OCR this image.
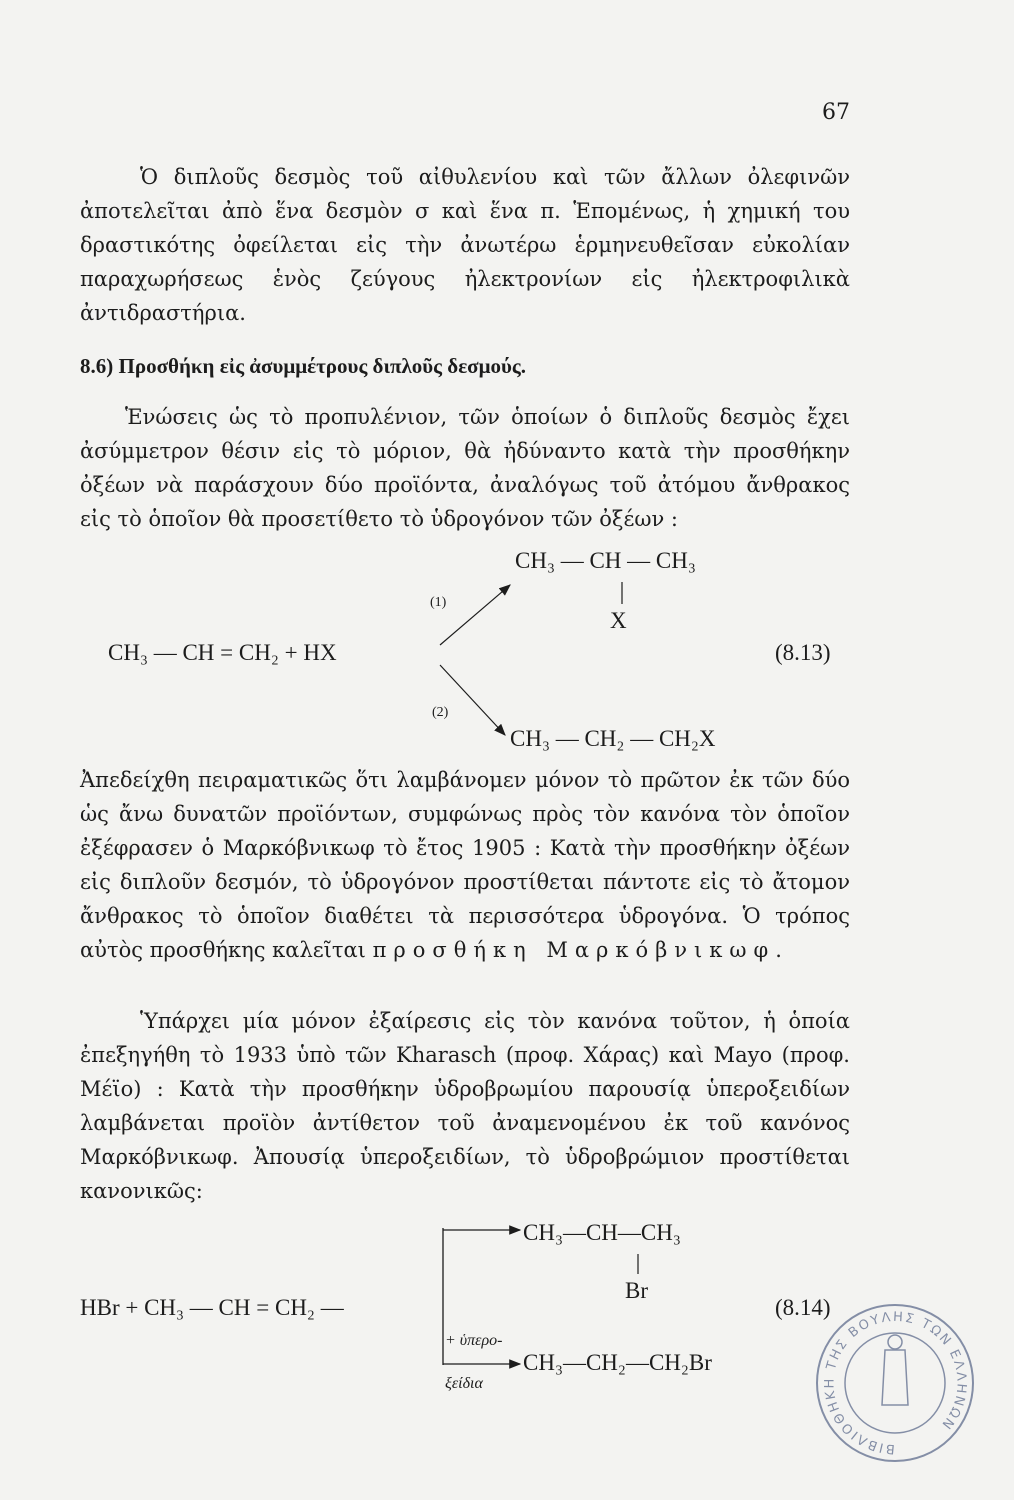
67

Ὁ διπλοῦς δεσμὸς τοῦ αἰθυλενίου καὶ τῶν ἄλλων ὀλεφινῶν ἀποτελεῖται ἀπὸ ἕνα δεσμὸν σ καὶ ἕνα π. Ἑπομένως, ἡ χημική του δραστικότης ὀφείλεται εἰς τὴν ἀνωτέρω ἑρμηνευθεῖσαν εὐκολίαν παραχωρήσεως ἑνὸς ζεύγους ἠλεκτρονίων εἰς ἠλεκτροφιλικὰ ἀντιδραστήρια.

8.6) Προσθήκη εἰς ἀσυμμέτρους διπλοῦς δεσμούς.

Ἑνώσεις ὡς τὸ προπυλένιον, τῶν ὁποίων ὁ διπλοῦς δεσμὸς ἔχει ἀσύμμετρον θέσιν εἰς τὸ μόριον, θὰ ἠδύναντο κατὰ τὴν προσθήκην ὀξέων νὰ παράσχουν δύο προϊόντα, ἀναλόγως τοῦ ἀτόμου ἄνθρακος εἰς τὸ ὁποῖον θὰ προσετίθετο τὸ ὑδρογόνον τῶν ὀξέων :

CH₃ — CH — CH₃
X
(1)
CH₃ — CH = CH₂ + HX	(8.13)
(2)
CH₃ — CH₂ — CH₂X

Ἀπεδείχθη πειραματικῶς ὅτι λαμβάνομεν μόνον τὸ πρῶτον ἐκ τῶν δύο ὡς ἄνω δυνατῶν προϊόντων, συμφώνως πρὸς τὸν κανόνα τὸν ὁποῖον ἐξέφρασεν ὁ Μαρκόβνικωφ τὸ ἔτος 1905 : Κατὰ τὴν προσθήκην ὀξέων εἰς διπλοῦν δεσμόν, τὸ ὑδρογόνον προστίθεται πάντοτε εἰς τὸ ἄτομον ἄνθρακος τὸ ὁποῖον διαθέτει τὰ περισσότερα ὑδρογόνα. Ὁ τρόπος αὐτὸς προσθήκης καλεῖται προσθήκη Μαρκόβνικωφ.

Ὑπάρχει μία μόνον ἐξαίρεσις εἰς τὸν κανόνα τοῦτον, ἡ ὁποία ἐπεξηγήθη τὸ 1933 ὑπὸ τῶν Kharasch (προφ. Χάρας) καὶ Mayo (προφ. Μέϊο) : Κατὰ τὴν προσθήκην ὑδροβρωμίου παρουσίᾳ ὑπεροξειδίων λαμβάνεται προϊὸν ἀντίθετον τοῦ ἀναμενομένου ἐκ τοῦ κανόνος Μαρκόβνικωφ. Ἀπουσίᾳ ὑπεροξειδίων, τὸ ὑδροβρώμιον προστίθεται κανονικῶς:

CH₃—CH—CH₃
Br
HBr + CH₃ — CH = CH₂ —	(8.14)
+ ὑπερο-
CH₃—CH₂—CH₂Br
ξείδια
ΒΙΒΛΙΟΘΗΚΗ ΤΗΣ ΒΟΥΛΗΣ ΤΩΝ ΕΛΛΗΝΩΝ
